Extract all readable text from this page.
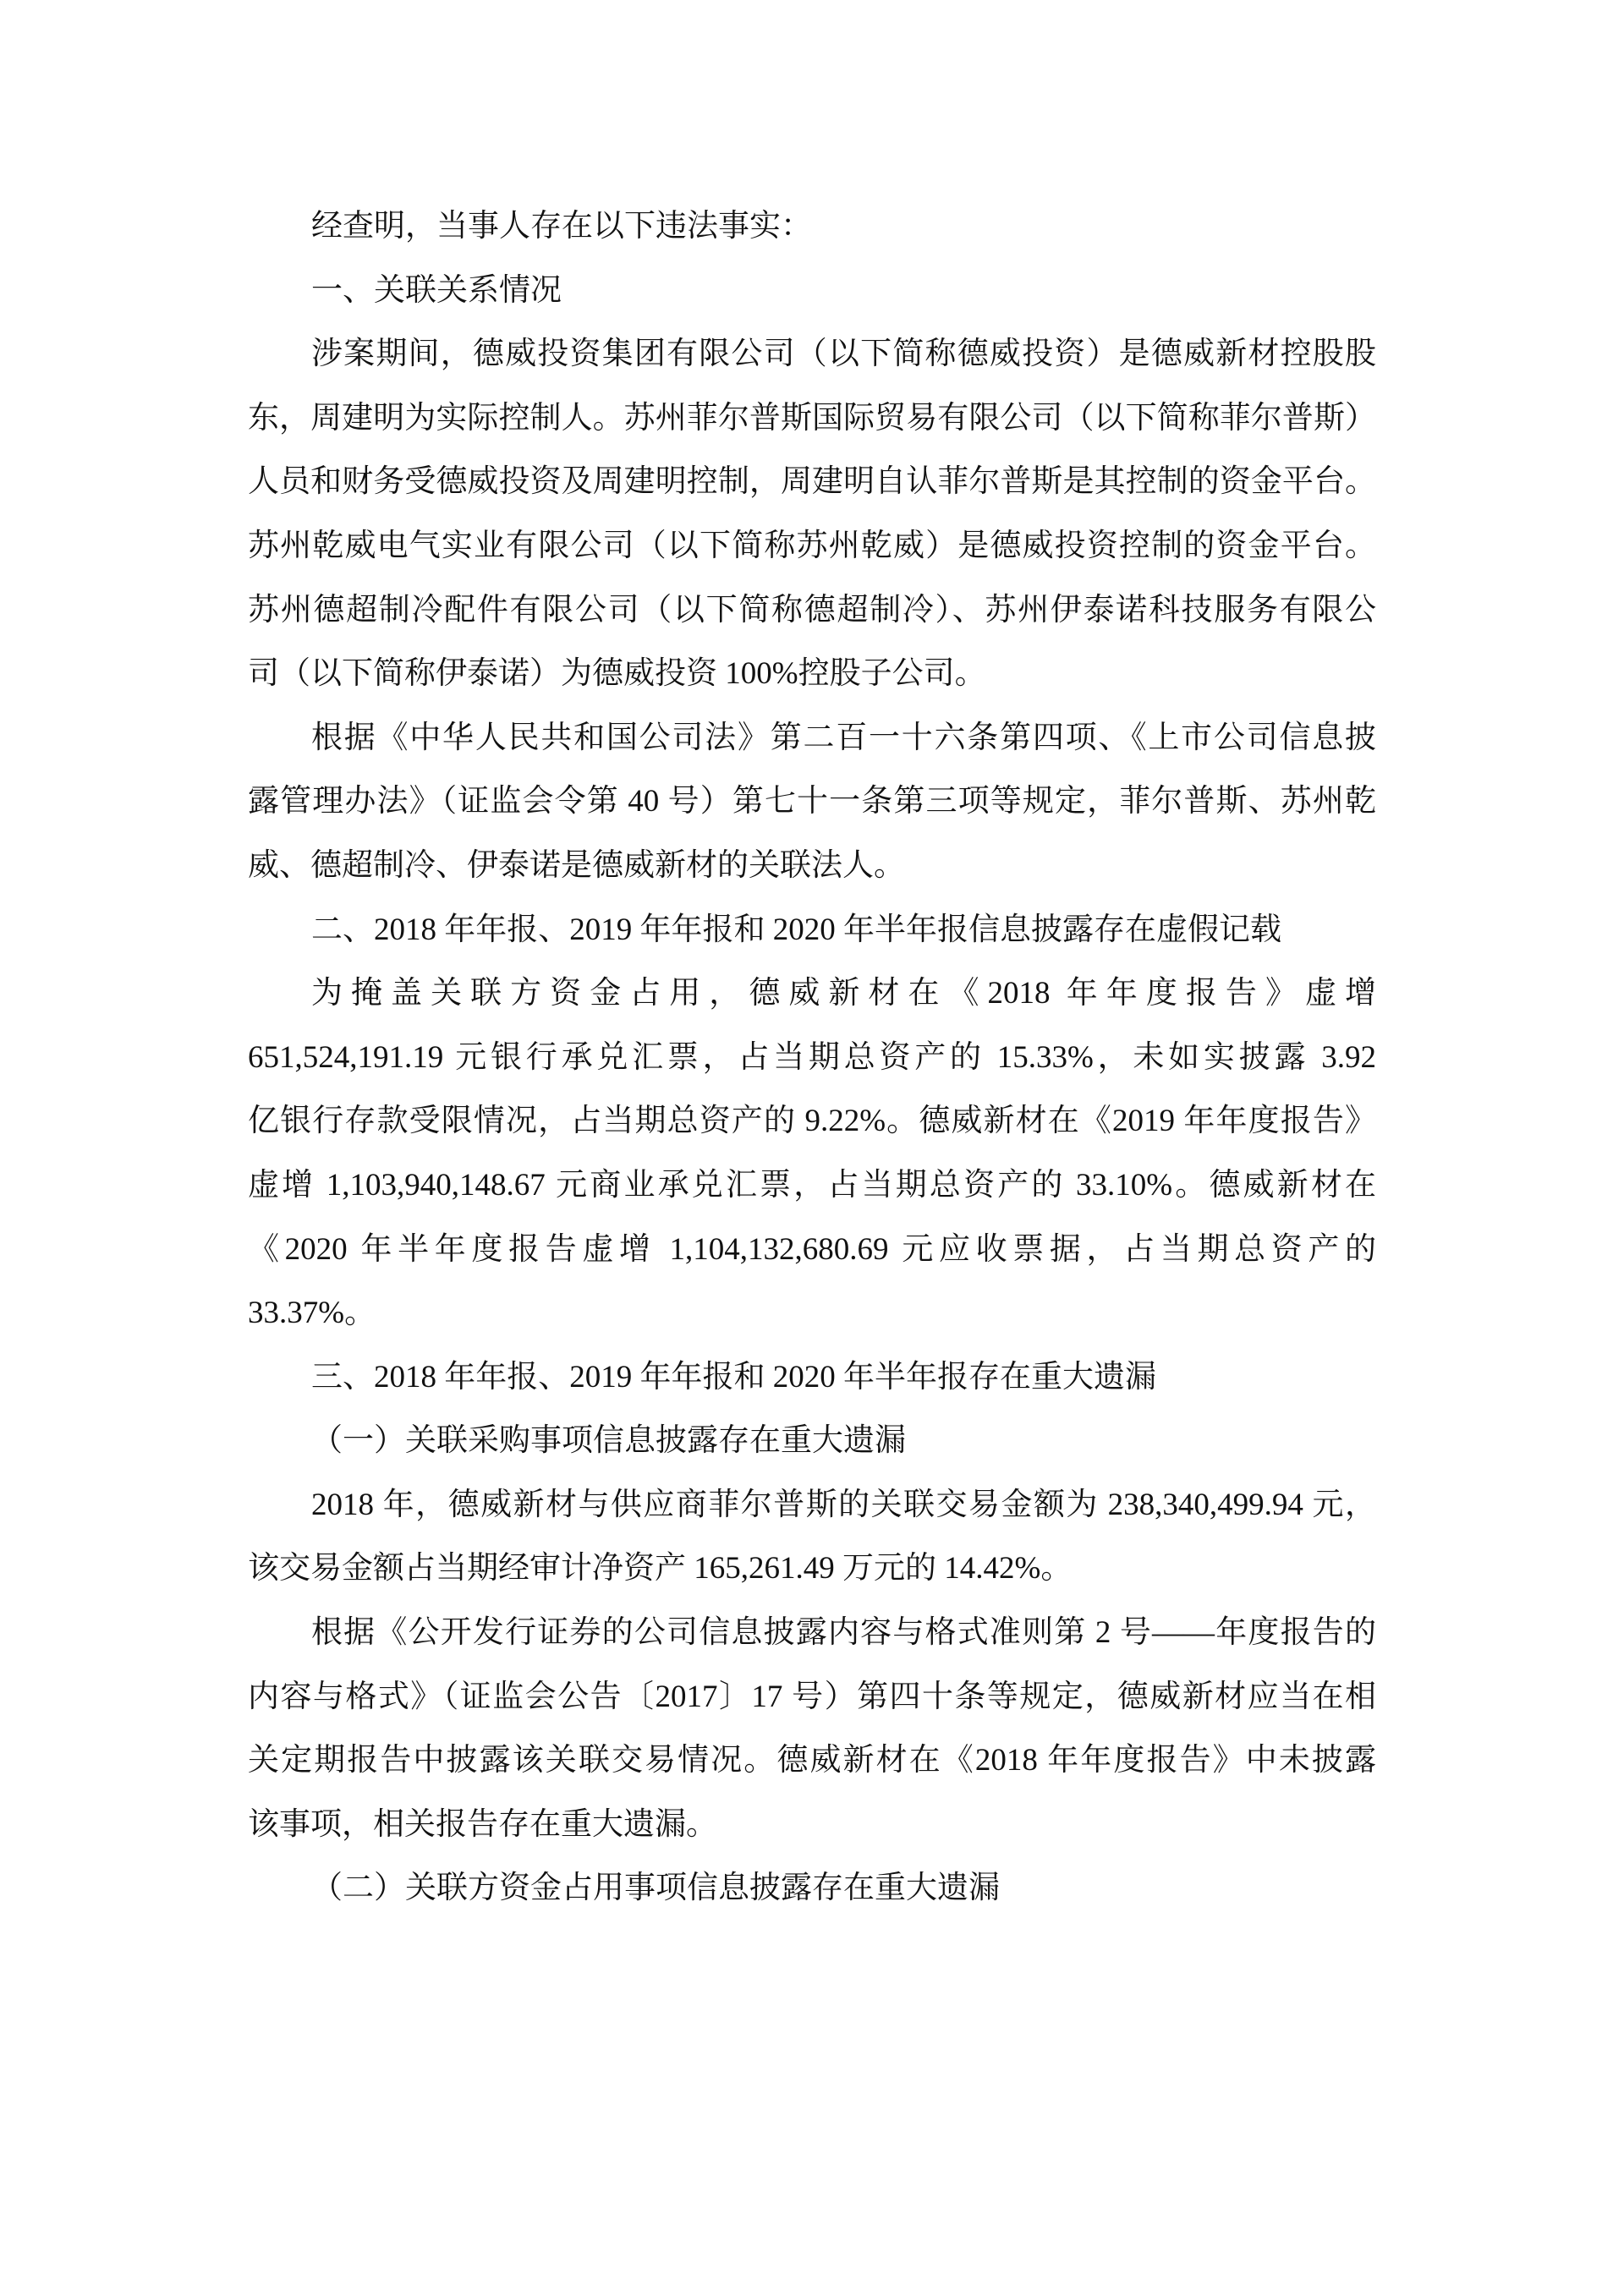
经查明，当事人存在以下违法事实：
一、关联关系情况
涉案期间，德威投资集团有限公司（以下简称德威投资）是德威新材控股股
东，周建明为实际控制人。苏州菲尔普斯国际贸易有限公司（以下简称菲尔普斯）
人员和财务受德威投资及周建明控制，周建明自认菲尔普斯是其控制的资金平台。
苏州乾威电气实业有限公司（以下简称苏州乾威）是德威投资控制的资金平台。
苏州德超制冷配件有限公司（以下简称德超制冷）、苏州伊泰诺科技服务有限公
司（以下简称伊泰诺）为德威投资 100%控股子公司。
根据《中华人民共和国公司法》第二百一十六条第四项、《上市公司信息披
露管理办法》（证监会令第 40 号）第七十一条第三项等规定，菲尔普斯、苏州乾
威、德超制冷、伊泰诺是德威新材的关联法人。
二、2018 年年报、2019 年年报和 2020 年半年报信息披露存在虚假记载
为掩盖关联方资金占用，德威新材在《2018 年年度报告》虚增
651,524,191.19 元银行承兑汇票，占当期总资产的 15.33%，未如实披露 3.92
亿银行存款受限情况，占当期总资产的 9.22%。德威新材在《2019 年年度报告》
虚增 1,103,940,148.67 元商业承兑汇票，占当期总资产的 33.10%。德威新材在
《2020 年半年度报告虚增 1,104,132,680.69 元应收票据，占当期总资产的
33.37%。
三、2018 年年报、2019 年年报和 2020 年半年报存在重大遗漏
（一）关联采购事项信息披露存在重大遗漏
2018 年，德威新材与供应商菲尔普斯的关联交易金额为 238,340,499.94 元，
该交易金额占当期经审计净资产 165,261.49 万元的 14.42%。
根据《公开发行证券的公司信息披露内容与格式准则第 2 号——年度报告的
内容与格式》（证监会公告〔2017〕17 号）第四十条等规定，德威新材应当在相
关定期报告中披露该关联交易情况。德威新材在《2018 年年度报告》中未披露
该事项，相关报告存在重大遗漏。
（二）关联方资金占用事项信息披露存在重大遗漏
